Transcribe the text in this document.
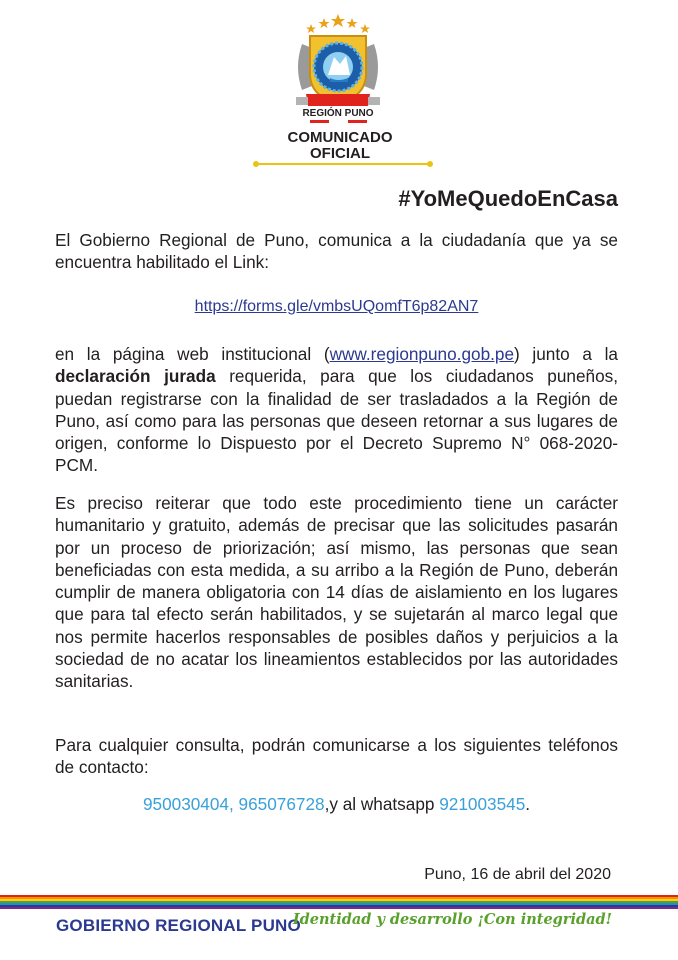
REGIÓN PUNO
COMUNICADO
OFICIAL
#YoMeQuedoEnCasa
El Gobierno Regional de Puno, comunica a la ciudadanía que ya se encuentra habilitado el Link:
https://forms.gle/vmbsUQomfT6p82AN7
en la página web institucional (www.regionpuno.gob.pe) junto a la declaración jurada requerida, para que los ciudadanos puneños, puedan registrarse con la finalidad de ser trasladados a la Región de Puno, así como para las personas que deseen retornar a sus lugares de origen, conforme lo Dispuesto por el Decreto Supremo N° 068-2020-PCM.
Es preciso reiterar que todo este procedimiento tiene un carácter humanitario y gratuito, además de precisar que las solicitudes pasarán por un proceso de priorización; así mismo, las personas que sean beneficiadas con esta medida, a su arribo a la Región de Puno, deberán cumplir de manera obligatoria con 14 días de aislamiento en los lugares que para tal efecto serán habilitados, y se sujetarán al marco legal que nos permite hacerlos responsables de posibles daños y perjuicios a la sociedad de no acatar los lineamientos establecidos por las autoridades sanitarias.
Para cualquier consulta, podrán comunicarse a los siguientes teléfonos de contacto:
950030404, 965076728,y al whatsapp 921003545.
Puno, 16 de abril del 2020
GOBIERNO REGIONAL PUNO
Identidad y desarrollo ¡Con integridad!
